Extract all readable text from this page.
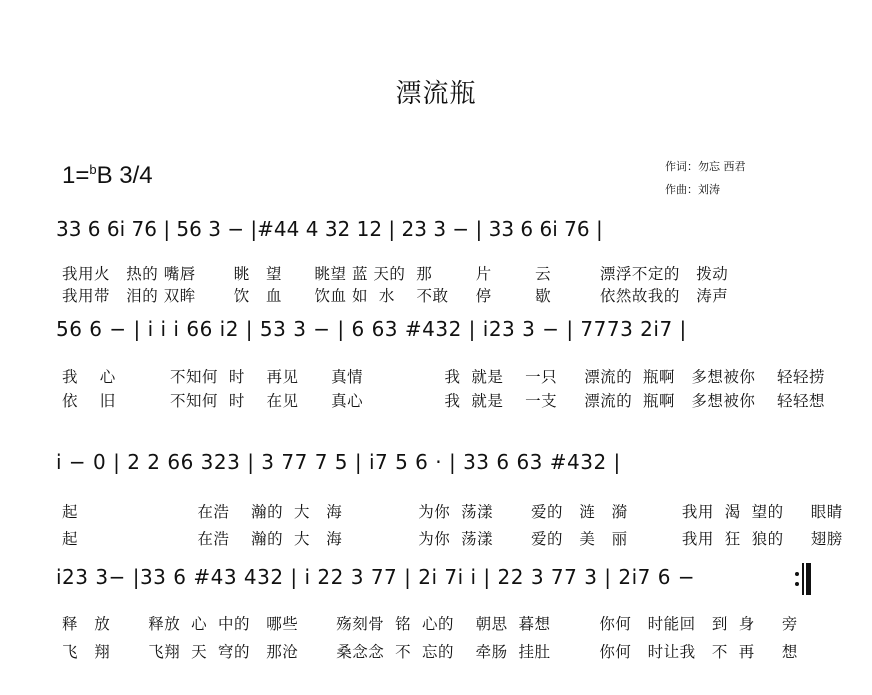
漂流瓶
1=$^b$B 3/4	作词：勿忘 西君
作曲：刘涛
33 6 6i 76 | 56 3 − |#44 4 32 12 | 23 3 − | 33 6 6i 76 |
我用火   热的 嘴唇       眺   望      眺望 蓝 天的  那        片        云         漂浮不定的   拨动
我用带   泪的 双眸       饮   血      饮血 如  水    不敢     停        歇         依然故我的   涛声
56 6 − | i i i 66 i2 | 53 3 − | 6 63 #432 | i23 3 − | 7773 2i7 |
我    心          不知何  时    再见      真情               我  就是    一只     漂流的  瓶啊   多想被你    轻轻捞
依    旧          不知何  时    在见      真心               我  就是    一支     漂流的  瓶啊   多想被你    轻轻想
i − 0 | 2 2 66 323 | 3 77 7 5 | i7 5 6 · | 33 6 63 #432 |
起                      在浩    瀚的  大   海              为你  荡漾       爱的   涟   漪          我用  渴  望的     眼睛
起                      在浩    瀚的  大   海              为你  荡漾       爱的   美   丽          我用  狂  狼的     翅膀
i23 3− |33 6 #43 432 | i 22 3 77 | 2i 7i i | 22 3 77 3 | 2i7 6 −
释   放       释放  心  中的   哪些       殇刻骨  铭  心的    朝思  暮想         你何   时能回   到  身     旁
飞   翔       飞翔  天  穹的   那沧       桑念念  不  忘的    牵肠  挂肚         你何   时让我   不  再     想
